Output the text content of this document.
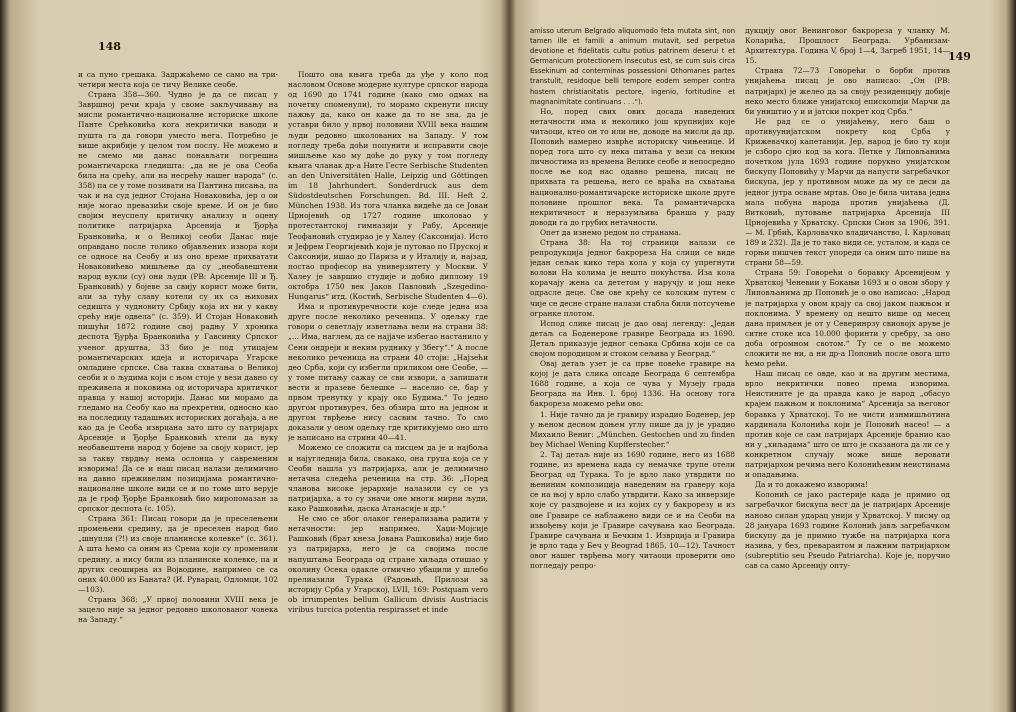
148

и са пуно грешака. Задржаћемо се само на три-четири места која се тичу Велике сеобе.

Страна 358—360. Чудно је да се писац у Завршној речи краја у своме закључивању на мисли романтично-националне историске школе Панте Срећковића кога некритички наводи и пушта га да говори уместо њега. Потребно је више акрибије у целом том послу. Не можемо и не смемо ми данас понављати погрешна романтичарска гледишта: „да не је ова Сеоба била на срећу, али на несрећу нашег народа“ (с. 358) па се у томе позивати на Пантина писања, па чак и на суд једног Стојана Новаковића, јер о ои није могао превазићи своје време. И он је био својим неуспелу критичку анализу и оцену политике патријарха Арсенија и Ђорђа Бранковића, и о Великој сеоби Данас није оправдано после толико објављених извора који се односе на Сеобу и из оно време прихватати Новаковићево мишљење да су „необавештени народ вукли (су) они људи (РВ: Арсеније III и Ђ. Бранковић) у бојеве за свију корист може бити, али за туђу славу котели су их са њихових седишта у чудновиту Србију која их ни у какву срећу није одвела“ (с. 359). И Стојан Новаковић пишући 1872 године свој радњу У хроника деспота Ђурђа Бранковића у Гавсинку Српског ученог друштва, 33 био је под утицајем романтичарских идеја и историчара Угарске омладине српске. Сва таква схватања о Великој сеоби и о људима који с њом стоје у вези давно су преживела и поковима од историчара критичког правца у нашој историји. Данас ми морамо да гледамо на Сеобу као на прекретни, односно као на последицу тадашњих историских догађаја, а не као да је Сеоба изврцана зато што су патријарх Арсеније и Ђорђе Бранковић хтели да вуку необавештени народ у бојеве за своју корист, јер за такву тврдњу нема ослонца у савременим изворима! Да се и наш писац налази делимично на давно преживелим позицијама романтично-националне школе види се и по томе што верује да је гроф Ђорђе Бранковић био миропомазан за српског деспота (с. 105).

Страна 361: Писац говори да је преселењени промењени средину, да је преселен народ био „шнупли (?!) из своје планинске колевке“ (с. 361). А шта ћемо са оним из Срема који су променили средину, а нису били из планинске колевке, па и других сеоширна из Војводине, напримео се са оних 40.000 из Баната? (И. Руварац, Одломци, 102—103).

Страна 368; „У првој половини XVIII века је зацело није за једног редовно школованог човека на Западу.“

Пошто ова књига треба да уђе у коло под насловом Основе модерне културе српског народа од 1690 до 1741 године (како смо одмах на почетку споменули), то морамо скренути писцу пажњу да, како он каже да то не зна, да је уставри било у првој половини XVIII века нашим људи редовно школованих на Западу. У том погледу треба доћи попунити и исправити своје мишљење као му доће до руку у том погледу књига чланак др-а Нитe Гесте Serbische Studenten an den Universitäten Halle, Leipzig und Göttingen im 18 Jahrhundert. Sonderdruck aus dem Südostdeutschen Forschungen. Bd. III. Heft 2. München 1938. Из тога чланка видеће да се Јован Црнојевић од 1727 године школовао у протестантској гимназији у Рабу, Арсеније Теофановић студирао је у Халеу (Саксонија). Исто и Јефрем Георгијевић који је путовао по Пруској и Саксонији, ишао до Париза и у Италију и, најзад, постао професор на универзитету у Москви. У Халеу је завршио студије и добио диплому 19 октобра 1750 век Јаков Павловић „Szegedino-Hungarus“ итд. (Костић, Serbische Studenten 4—6).

Има и противуречности које следе једна иза друге после неколико реченица. У одељку где говори о севетлају изветлања вели на страни 38: „... Има, наглем, да се најјаче избегао настанило у Сени ондреји и неким руднику у Збегу“.“ А после неколико реченица на страни 40 стоји: „Најзећи део Срба, који су избегли приликом оне Сеобе, — у томе питању сажау се сви извори, а запишати вести и празеве белешке — населио се, бар у првом тренутку у крају око Будима.“ То једно другом противуреч, без обзира што на једном и другом тврђење нису сасвим тачно. То смо доказали у оном одељку где критикујемо оно што је написано на стрини 40—41.

Можемо се сложити са писцем да је и најбоља и најугледнија била, свакако, она група која се у Сеоби нашла уз патријарха, али је делимично нетачна следећа реченица на стр. 36: „Поред чланова високе јерархије налазили су се уз патријарха, а то су значи оне многи мирни људи, како Рашковићи, даска Атанасије и др.“

Не смо се због олаког генерализања радити у нетачности: јер напримео, Хаџи-Мојсије Рашковић (брат кнеза Јована Рашковића) није био уз патријарха, него је са својима после напуштања Београда од стране хиљада отишао у околину Осека одакле отмично убацили у шлебо прелиазили Турака (Радоњић, Прилози за историју Срба у Угарској, LVII, 169: Postquam vero ob irrumpentes bellum Gallicum divisis Austriacis viribus turcica potentia respirasset et inde

149

amisso uterum Belgrado aliquomodo feta mutata sint, non tamen ille et famili a animum mutavit, sed perpetua devotione et fidelitatis cultu potius patrinem deserui t et Germanicum protectionem insecutus est, se cum suis circa Essekinum ad conterminas possessioni Othomanes partes transtulit, residoque belli tempore eodem semper contra hostem christianitatis pectore, ingenio, fortitudine et magnanimitate continuans . . .“).

Но, поред свих ових досада наведених нетачности има и неколико још крупнијих које читаоци, ктео он то или не, доводе на мисли да др. Поповић намерно изврће историску чињенице. И поред тога што су нека питања у вези са неким личностима из времена Велике сеобе и непосредно после ње код нас одавно решена, писац не прихвата та решења, него се враћа на схватања национално-романтичарске историске школе друге половине прошлог века. Та романтичарска некритичност и неразумљива бранша у раду доводи га до грубих нетачности.

Опет да изнемо редом по странама.

Страна 38: На тој страници налази се репродукција једног бакрореза На слици се виде један сељак кико тера кола у која су упрегнути волови На колима је нешто покућства. Иза кола корачају жена са дететом у наручју и још неке одрасле деце. Све ове крећу се колским путем с чије се десне стране налази стабла били потсучење огранке плотом.

Испод слике писац је дао овај легенду: „Један детаљ са Боденерове гравире Београда из 1690. Детаљ приказује једног сељака Србина који се са својом породицом и стоком сељива у Београд.“

Овај детаљ узет је са прве повеће гравире на којој је дата слика опсаде Београда 6 септембра 1688 године, а која се чува у Музеју града Београда на Инв. I. број 1336. На основу тога бакрореза можемо рећи ово:

1. Није тачно да је гравиру израдио Боденер, јер у њеном десном доњем углу пише да ју је урадио Михаило Вениг: „München. Gestochen und zu finden bey Michael Wening Kupfferstecher.“

2. Тај детаљ није из 1690 године, него из 1688 године, из времена када су немачке трупе отели Београд од Турака. То је врло лако утврдити по њениним композиција наведеним на граверу која се на њој у врло слабо утврдити. Како за инверзије које су раздвојене и из којих су у бакрорезу и из ове Гравире се наблажено види се и на Сеоби на извођењу који је Гравире сачувана као Београда. Гравире сачувана и Бечким 1. Изврција и Гравира је врло тада у Беч у Beograd 1865, 10—12). Тачност овог нашег тврђења могу читаоци проверити оно погледају репро-

дукцију овог Венинговог бакрореза у чланку М. Коларића, Прошлост Београда. Урбанизам-Архитектура. Година V, број 1—4, Загреб 1951, 14—15.

Страна 72—73 Говорећи о борби против унијаћења писац је ово написао: „Он (РВ: патријарх) је желео да за своју резиденцију добије неко место ближе унијатској епископији Марчи да би уништио у и и јатски покрет код Срба.“

Не рад се о унијаћењу, него баш о противуунијатском покрету код Срба у Крижевачкој капетанији. Јер, народ је био ту који је сзборо сјио код за кога. Петке у Липовљанима почетком јула 1693 године порукно унијатском бискупу Поповићу у Марчи да напусти загребачког бискупа, јер у противном може да му се деси да једног јутра осване мртав. Ово је била читава једна мала побуна народа против унијаћења (Д. Витковић, путовање патријарха Арсенија III Црнојевића у Хрватску. Српски Сион за 1906, 391. — М. Грбић, Карловачко владичанство, I. Карловац 189 и 232). Да је то тако види се, усталом, и када се горњи пишчев текст упореди са оним што пише на страни 58—59.

Страна 59: Говорећи о боравку Арсенијеом у Хрватскoj Ченевии у Бокањи 1693 и о овом збору у Липовљанима др Поповић је о ово написао: „Народ је патријарха у овом крају са свој јаком пажњом и поклонима. У времену од нешто више од месец дана примљен је от у Северинрзу свиовојх аруве је ситне стоке иса 10.000 форинти у сребру, за оно доба огромном свотом.“ Ту се о не можемо сложити не ни, а ни др-а Поповић после овога што ћемо рећи.

Наш писац се овде, као и на другим местима, врло некритички повео према изворима. Неистините је да правда како је народ „обасуо крајем пажњом и поклонима“ Арсенија за његовог боравка у Хрватској. То не чисти изнмишљотина кардинала Колонића који је Поповић насео! — а против које се сам патријарх Арсеније бранио као ни у „хиљадама“ што се што је сказанога да ли се у конкретном случају може више веровати патријархом речима него Колонићевим неистинама и опадањима.

Да и то докажемо изворима!

Колонић се јако растерије када је примио од загребачког бискупа вест да је патријарх Арсеније наново силан ударац унији у Хрватској. У писму од 28 јануара 1693 године Колонић јављ загребачком бискупу да је примио тужбе на патријарха кога назива, у без, превараитом и лажним патријархом (subreptitio seu Pseudo Patriarcha). Које је, поручио сав са само Арсенију опту-
